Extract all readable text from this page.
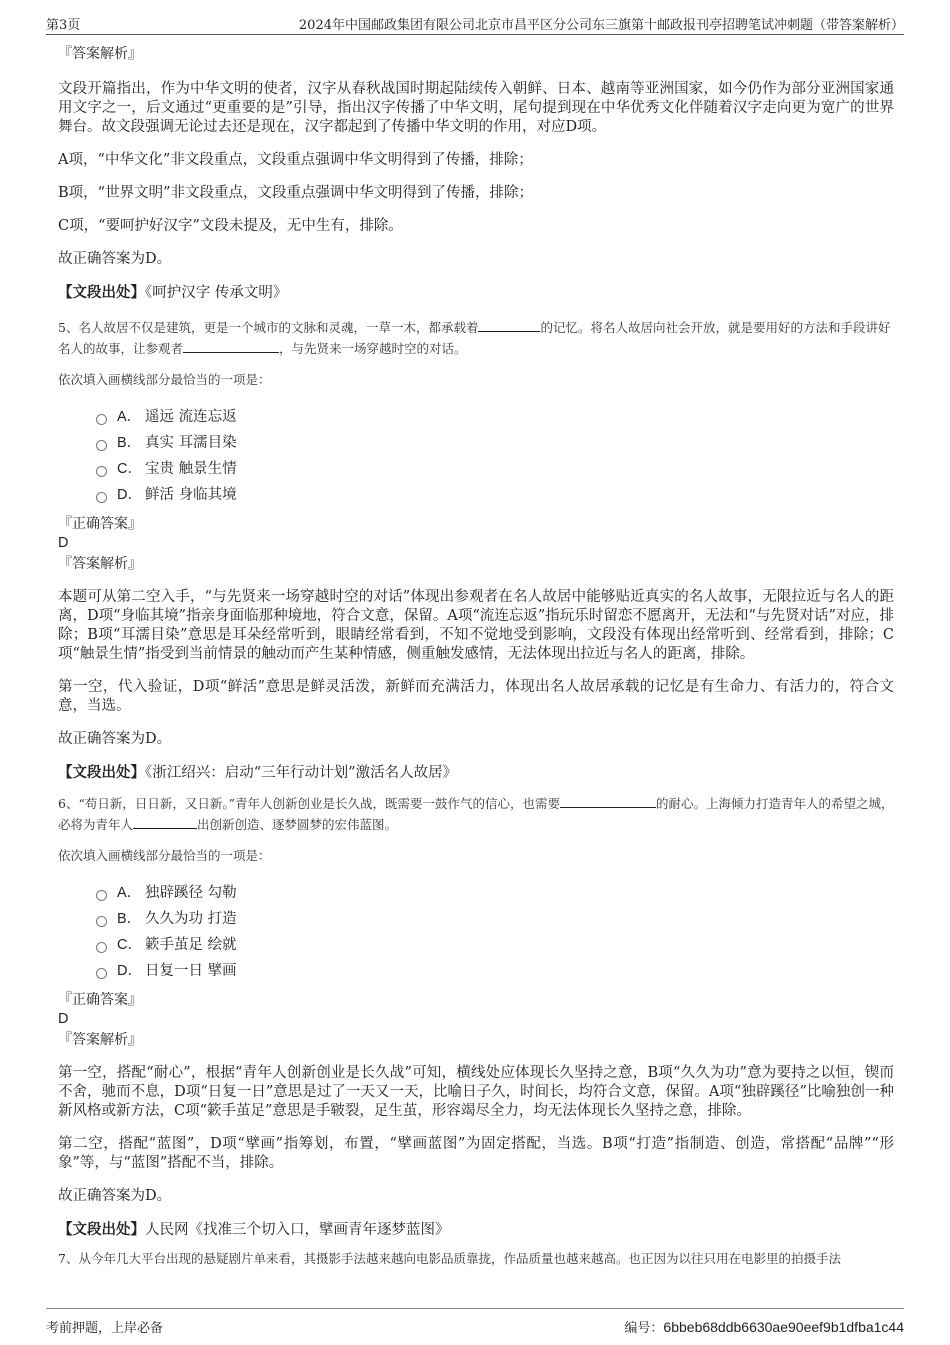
第3页	2024年中国邮政集团有限公司北京市昌平区分公司东三旗第十邮政报刊亭招聘笔试冲刺题（带答案解析）
『答案解析』

文段开篇指出，作为中华文明的使者，汉字从春秋战国时期起陆续传入朝鲜、日本、越南等亚洲国家，如今仍作为部分亚洲国家通用文字之一，后文通过“更重要的是”引导，指出汉字传播了中华文明，尾句提到现在中华优秀文化伴随着汉字走向更为宽广的世界舞台。故文段强调无论过去还是现在，汉字都起到了传播中华文明的作用，对应D项。

A项，“中华文化”非文段重点，文段重点强调中华文明得到了传播，排除；

B项，“世界文明”非文段重点，文段重点强调中华文明得到了传播，排除；

C项，“要呵护好汉字”文段未提及，无中生有，排除。

故正确答案为D。

【文段出处】《呵护汉字 传承文明》

5、名人故居不仅是建筑，更是一个城市的文脉和灵魂，一草一木，都承载着	的记忆。将名人故居向社会开放，就是要用好的方法和手段讲好名人的故事，让参观者	，与先贤来一场穿越时空的对话。

依次填入画横线部分最恰当的一项是：

A． 遥远 流连忘返
B． 真实 耳濡目染
C． 宝贵 触景生情
D． 鲜活 身临其境
『正确答案』
D
『答案解析』

本题可从第二空入手，“与先贤来一场穿越时空的对话”体现出参观者在名人故居中能够贴近真实的名人故事，无限拉近与名人的距离，D项“身临其境”指亲身面临那种境地，符合文意，保留。A项“流连忘返”指玩乐时留恋不愿离开，无法和“与先贤对话”对应，排除；B项“耳濡目染”意思是耳朵经常听到，眼睛经常看到，不知不觉地受到影响，文段没有体现出经常听到、经常看到，排除；C项“触景生情”指受到当前情景的触动而产生某种情感，侧重触发感情，无法体现出拉近与名人的距离，排除。

第一空，代入验证，D项“鲜活”意思是鲜灵活泼，新鲜而充满活力，体现出名人故居承载的记忆是有生命力、有活力的，符合文意，当选。

故正确答案为D。

【文段出处】《浙江绍兴：启动“三年行动计划”激活名人故居》

6、“苟日新，日日新，又日新。”青年人创新创业是长久战，既需要一鼓作气的信心，也需要	的耐心。上海倾力打造青年人的希望之城，必将为青年人	出创新创造、逐梦圆梦的宏伟蓝图。

依次填入画横线部分最恰当的一项是：

A． 独辟蹊径 勾勒
B． 久久为功 打造
C． 簌手茧足 绘就
D． 日复一日 擘画
『正确答案』
D
『答案解析』

第一空，搭配“耐心”，根据“青年人创新创业是长久战”可知，横线处应体现长久坚持之意，B项“久久为功”意为要持之以恒，锲而不舍，驰而不息，D项“日复一日”意思是过了一天又一天，比喻日子久，时间长，均符合文意，保留。A项“独辟蹊径”比喻独创一种新风格或新方法，C项“簌手茧足”意思是手皲裂，足生茧，形容竭尽全力，均无法体现长久坚持之意，排除。

第二空，搭配“蓝图”，D项“擘画”指筹划，布置，“擘画蓝图”为固定搭配，当选。B项“打造”指制造、创造，常搭配“品牌”“形象”等，与“蓝图”搭配不当，排除。

故正确答案为D。

【文段出处】人民网《找准三个切入口，擘画青年逐梦蓝图》

7、从今年几大平台出现的悬疑剧片单来看，其摄影手法越来越向电影品质靠拢，作品质量也越来越高。也正因为以往只用在电影里的拍摄手法

考前押题，上岸必备	编号：6bbeb68ddb6630ae90eef9b1dfba1c44
